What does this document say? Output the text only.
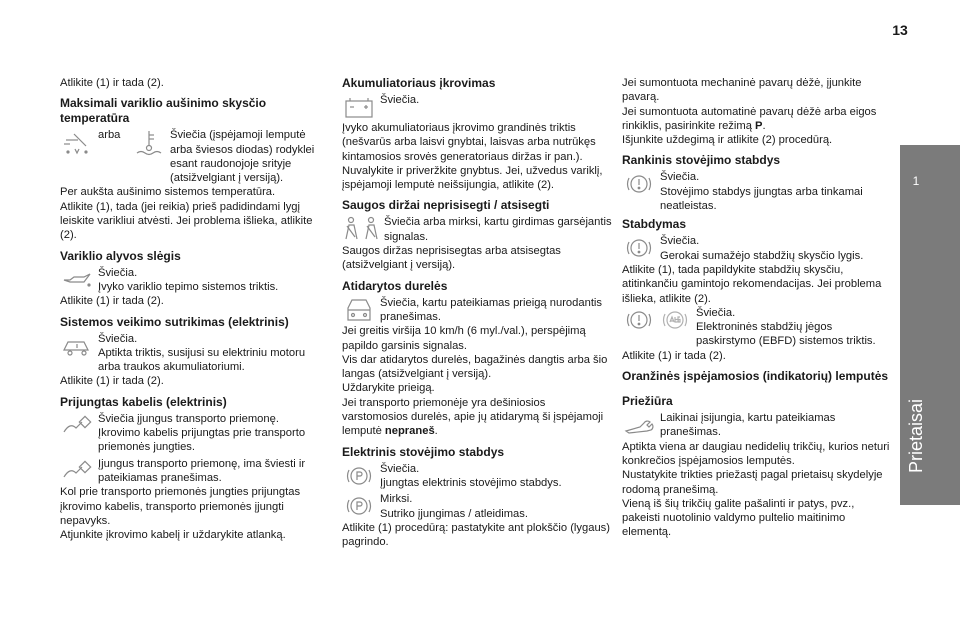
13
1
Prietaisai

Atlikite (1) ir tada (2).

Maksimali variklio aušinimo skysčio temperatūra
arba	Šviečia (įspėjamoji lemputė arba šviesos diodas) rodyklei esant raudonojoje srityje (atsižvelgiant į versiją).

Per aukšta aušinimo sistemos temperatūra.

Atlikite (1), tada (jei reikia) prieš padidindami lygį leiskite varikliui atvėsti. Jei problema išlieka, atlikite (2).

Variklio alyvos slėgis
Šviečia.
Įvyko variklio tepimo sistemos triktis.

Atlikite (1) ir tada (2).

Sistemos veikimo sutrikimas (elektrinis)
Šviečia.
Aptikta triktis, susijusi su elektriniu motoru arba traukos akumuliatoriumi.

Atlikite (1) ir tada (2).

Prijungtas kabelis (elektrinis)
Šviečia įjungus transporto priemonę.
Įkrovimo kabelis prijungtas prie transporto priemonės jungties.
Įjungus transporto priemonę, ima šviesti ir pateikiamas pranešimas.

Kol prie transporto priemonės jungties prijungtas įkrovimo kabelis, transporto priemonės įjungti nepavyks.

Atjunkite įkrovimo kabelį ir uždarykite atlanką.

Akumuliatoriaus įkrovimas
Šviečia.

Įvyko akumuliatoriaus įkrovimo grandinės triktis (nešvarūs arba laisvi gnybtai, laisvas arba nutrūkęs kintamosios srovės generatoriaus diržas ir pan.).

Nuvalykite ir priveržkite gnybtus. Jei, užvedus variklį, įspėjamoji lemputė neišsijungia, atlikite (2).

Saugos diržai neprisisegti / atsisegti
Šviečia arba mirksi, kartu girdimas garsėjantis signalas.

Saugos diržas neprisisegtas arba atsisegtas (atsižvelgiant į versiją).

Atidarytos durelės
Šviečia, kartu pateikiamas prieigą nurodantis pranešimas.

Jei greitis viršija 10 km/h (6 myl./val.), perspėjimą papildo garsinis signalas.

Vis dar atidarytos durelės, bagažinės dangtis arba šio langas (atsižvelgiant į versiją).

Uždarykite prieigą.

Jei transporto priemonėje yra dešiniosios varstomosios durelės, apie jų atidarymą ši įspėjamoji lemputė nepraneš.

Elektrinis stovėjimo stabdys
Šviečia.
Įjungtas elektrinis stovėjimo stabdys.
Mirksi.
Sutriko įjungimas / atleidimas.

Atlikite (1) procedūrą: pastatykite ant plokščio (lygaus) pagrindo.

Jei sumontuota mechaninė pavarų dėžė, įjunkite pavarą.

Jei sumontuota automatinė pavarų dėžė arba eigos rinkiklis, pasirinkite režimą P.

Išjunkite uždegimą ir atlikite (2) procedūrą.

Rankinis stovėjimo stabdys
Šviečia.
Stovėjimo stabdys įjungtas arba tinkamai neatleistas.
Stabdymas
Šviečia.
Gerokai sumažėjo stabdžių skysčio lygis.

Atlikite (1), tada papildykite stabdžių skysčiu, atitinkančiu gamintojo rekomendacijas. Jei problema išlieka, atlikite (2).

Šviečia.
Elektroninės stabdžių jėgos paskirstymo (EBFD) sistemos triktis.

Atlikite (1) ir tada (2).

Oranžinės įspėjamosios (indikatorių) lemputės
Priežiūra
Laikinai įsijungia, kartu pateikiamas pranešimas.

Aptikta viena ar daugiau nedidelių trikčių, kurios neturi konkrečios įspėjamosios lemputės.

Nustatykite trikties priežastį pagal prietaisų skydelyje rodomą pranešimą.

Vieną iš šių trikčių galite pašalinti ir patys, pvz., pakeisti nuotolinio valdymo pultelio maitinimo elementą.
